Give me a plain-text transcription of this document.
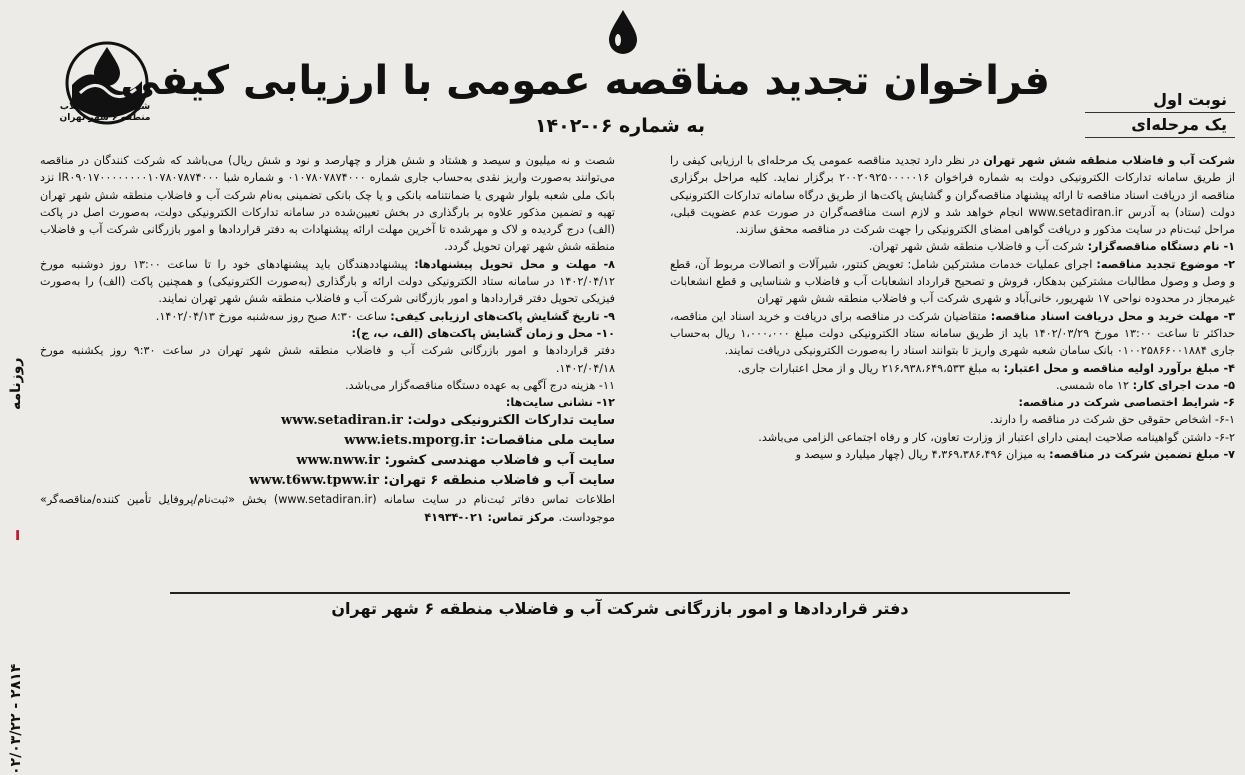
۰۲/۰۳/۲۲ - ۲۸۱۴
━
روزنامه
شرکت آب و فاضلاب
منطقه ۶ شهر تهران
فراخوان تجدید مناقصه عمومی با ارزیابی کیفی
به شماره ۰۶-۱۴۰۲
نوبت اول
یک مرحله‌ای

شرکت آب و فاضلاب منطقه شش شهر تهران در نظر دارد تجدید مناقصه عمومی یک مرحله‌ای با ارزیابی کیفی را از طریق سامانه تدارکات الکترونیکی دولت به شماره فراخوان ۲۰۰۲۰۹۲۵۰۰۰۰۰۱۶ برگزار نماید. کلیه مراحل برگزاری مناقصه از دریافت اسناد مناقصه تا ارائه پیشنهاد مناقصه‌گران و گشایش پاکت‌ها از طریق درگاه سامانه تدارکات الکترونیکی دولت (ستاد) به آدرس www.setadiran.ir انجام خواهد شد و لازم است مناقصه‌گران در صورت عدم عضویت قبلی، مراحل ثبت‌نام در سایت مذکور و دریافت گواهی امضای الکترونیکی را جهت شرکت در مناقصه محقق سازند.

۱- نام دستگاه مناقصه‌گزار: شرکت آب و فاضلاب منطقه شش شهر تهران.

۲- موضوع تجدید مناقصه: اجرای عملیات خدمات مشترکین شامل: تعویض کنتور، شیرآلات و اتصالات مربوط آن، قطع و وصل و وصول مطالبات مشترکین بدهکار، فروش و تصحیح قرارداد انشعابات آب و فاضلاب و شناسایی و قطع انشعابات غیرمجاز در محدوده نواحی ۱۷ شهریور، خانی‌آباد و شهری شرکت آب و فاضلاب منطقه شش شهر تهران

۳- مهلت خرید و محل دریافت اسناد مناقصه: متقاضیان شرکت در مناقصه برای دریافت و خرید اسناد این مناقصه، حداکثر تا ساعت ۱۳:۰۰ مورخ ۱۴۰۲/۰۳/۲۹ باید از طریق سامانه ستاد الکترونیکی دولت مبلغ ۱،۰۰۰،۰۰۰ ریال به‌حساب جاری ۰۱۰۰۲۵۸۶۶۰۰۱۸۸۴ بانک سامان شعبه شهری واریز تا بتوانند اسناد را به‌صورت الکترونیکی دریافت نمایند.

۴- مبلغ برآورد اولیه مناقصه و محل اعتبار: به مبلغ ۲۱۶،۹۳۸،۶۴۹،۵۳۳ ریال و از محل اعتبارات جاری.

۵- مدت اجرای کار: ۱۲ ماه شمسی.

۶- شرایط اختصاصی شرکت در مناقصه:

۶-۱- اشخاص حقوقی حق شرکت در مناقصه را دارند.

۶-۲- داشتن گواهینامه صلاحیت ایمنی دارای اعتبار از وزارت تعاون، کار و رفاه اجتماعی الزامی می‌باشد.

۷- مبلغ تضمین شرکت در مناقصه: به میزان ۴،۳۶۹،۳۸۶،۴۹۶ ریال (چهار میلیارد و سیصد و

شصت و نه میلیون و سیصد و هشتاد و شش هزار و چهارصد و نود و شش ریال) می‌باشد که شرکت کنندگان در مناقصه می‌توانند به‌صورت واریز نقدی به‌حساب جاری شماره ۰۱۰۷۸۰۷۸۷۴۰۰۰ و شماره شبا IR۰۹۰۱۷۰۰۰۰۰۰۰۰۱۰۷۸۰۷۸۷۴۰۰۰ نزد بانک ملی شعبه بلوار شهری یا ضمانتنامه بانکی و یا چک بانکی تضمینی به‌نام شرکت آب و فاضلاب منطقه شش شهر تهران تهیه و تضمین مذکور علاوه بر بارگذاری در بخش تعیین‌شده در سامانه تدارکات الکترونیکی دولت، به‌صورت اصل در پاکت (الف) درج گردیده و لاک و مهرشده تا آخرین مهلت ارائه پیشنهادات به دفتر قراردادها و امور بازرگانی شرکت آب و فاضلاب منطقه شش شهر تهران تحویل گردد.

۸- مهلت و محل تحویل پیشنهادها: پیشنهاددهندگان باید پیشنهادهای خود را تا ساعت ۱۳:۰۰ روز دوشنبه مورخ ۱۴۰۲/۰۴/۱۲ در سامانه ستاد الکترونیکی دولت ارائه و بارگذاری (به‌صورت الکترونیکی) و همچنین پاکت (الف) را به‌صورت فیزیکی تحویل دفتر قراردادها و امور بازرگانی شرکت آب و فاضلاب منطقه شش شهر تهران نمایند.

۹- تاریخ گشایش پاکت‌های ارزیابی کیفی: ساعت ۸:۳۰ صبح روز سه‌شنبه مورخ ۱۴۰۲/۰۴/۱۳.

۱۰- محل و زمان گشایش پاکت‌های (الف، ب، ج):

دفتر قراردادها و امور بازرگانی شرکت آب و فاضلاب منطقه شش شهر تهران در ساعت ۹:۳۰ روز یکشنبه مورخ ۱۴۰۲/۰۴/۱۸.

۱۱- هزینه درج آگهی به عهده دستگاه مناقصه‌گزار می‌باشد.

۱۲- نشانی سایت‌ها:

سایت تدارکات الکترونیکی دولت: www.setadiran.ir
سایت ملی مناقصات: www.iets.mporg.ir
سایت آب و فاضلاب مهندسی کشور: www.nww.ir
سایت آب و فاضلاب منطقه ۶ تهران: www.t6ww.tpww.ir

اطلاعات تماس دفاتر ثبت‌نام در سایت سامانه (www.setadiran.ir) بخش «ثبت‌نام/پروفایل تأمین کننده/مناقصه‌گر» موجوداست. مرکز تماس: ۰۲۱-۴۱۹۳۴

دفتر قراردادها و امور بازرگانی شرکت آب و فاضلاب منطقه ۶ شهر تهران
